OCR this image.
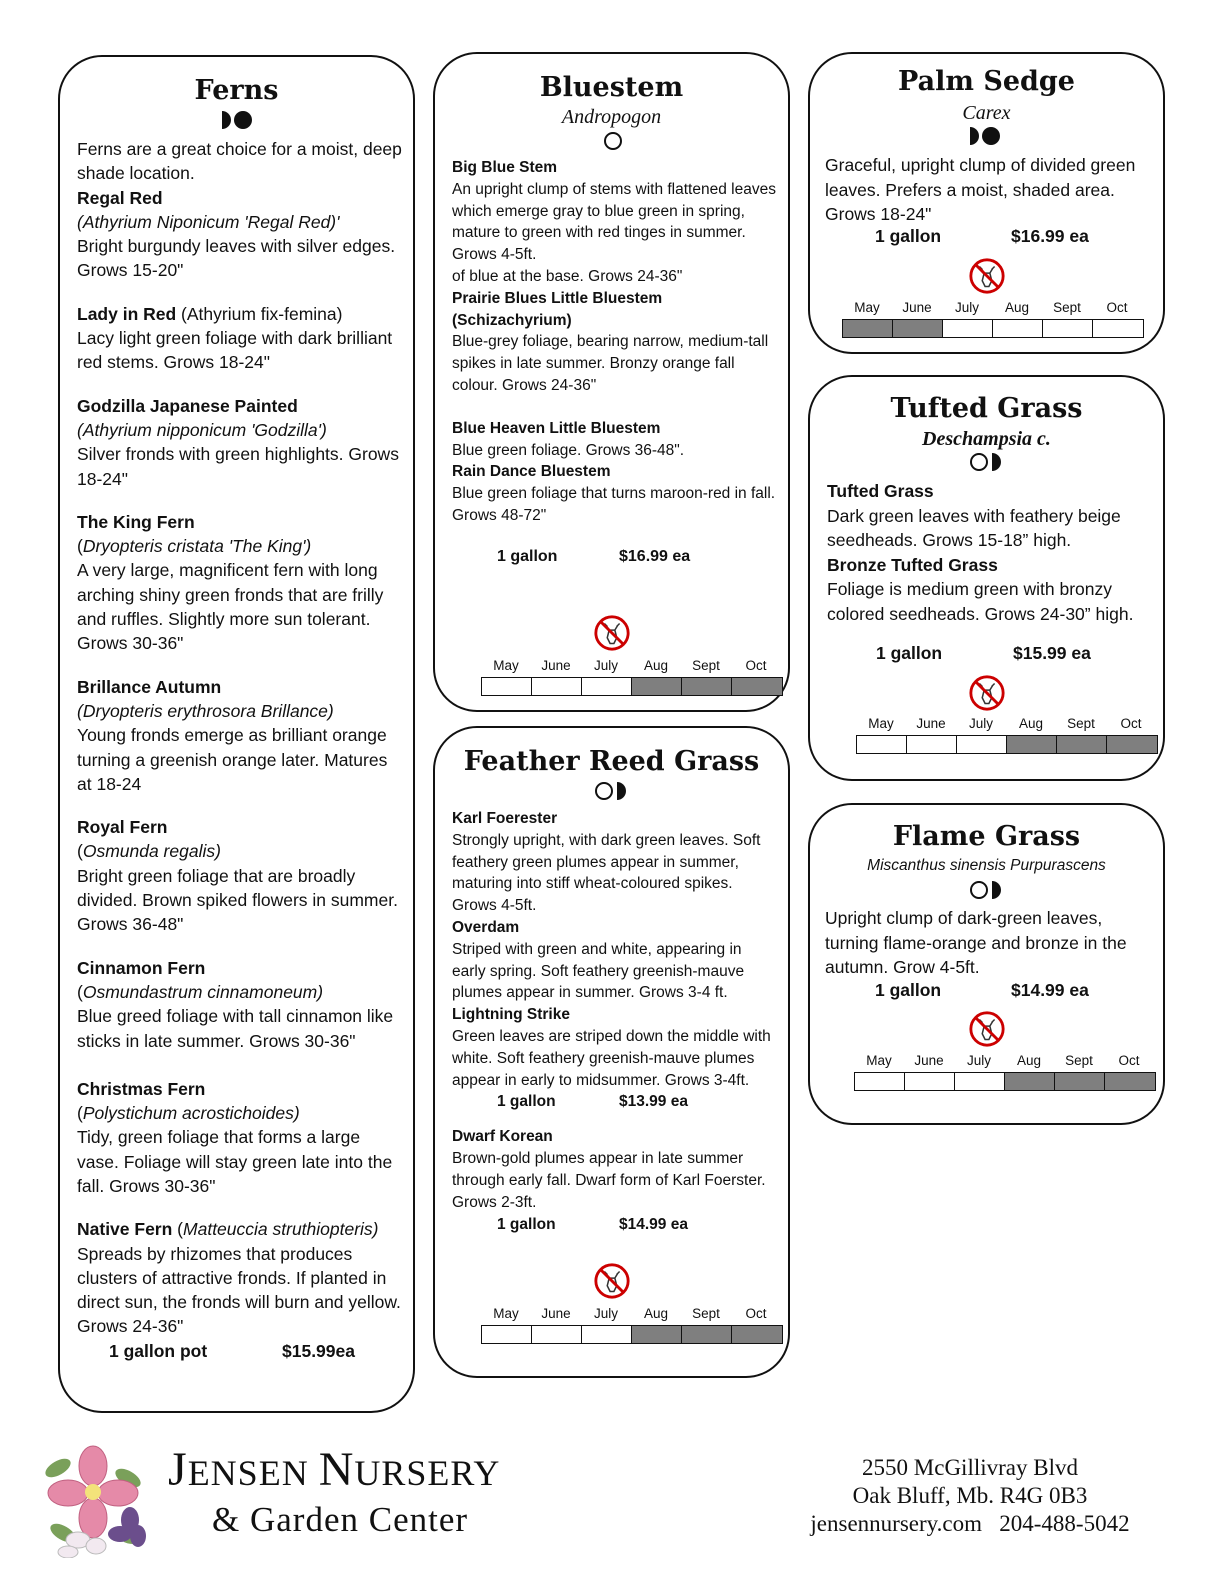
Ferns
Ferns are a great choice for a moist, deep shade location.
Regal Red
(Athyrium Niponicum 'Regal Red)'
Bright burgundy leaves with silver edges. Grows 15-20"
Lady in Red (Athyrium fix-femina)
Lacy light green foliage with dark brilliant red stems. Grows 18-24"
Godzilla Japanese Painted
(Athyrium nipponicum 'Godzilla')
Silver fronds with green highlights. Grows 18-24"
The King Fern
(Dryopteris cristata 'The King')
A very large, magnificent fern with long arching shiny green fronds that are frilly and ruffles. Slightly more sun tolerant. Grows 30-36"
Brillance Autumn
(Dryopteris erythrosora Brillance)
Young fronds emerge as brilliant orange turning a greenish orange later. Matures at 18-24
Royal Fern
(Osmunda regalis)
Bright green foliage that are broadly divided. Brown spiked flowers in summer. Grows 36-48"
Cinnamon Fern
(Osmundastrum cinnamoneum)
Blue greed foliage with tall cinnamon like sticks in late summer. Grows 30-36"
Christmas Fern
(Polystichum acrostichoides)
Tidy, green foliage that forms a large vase. Foliage will stay green late into the fall. Grows 30-36"
Native Fern (Matteuccia struthiopteris)
Spreads by rhizomes that produces clusters of attractive fronds. If planted in direct sun, the fronds will burn and yellow. Grows 24-36"
1 gallon pot	$15.99ea
Bluestem
Andropogon
Big Blue Stem
An upright clump of stems with flattened leaves which emerge gray to blue green in spring, mature to green with red tinges in summer. Grows 4-5ft.
of blue at the base. Grows 24-36"
Prairie Blues Little Bluestem (Schizachyrium)
Blue-grey foliage, bearing narrow, medium-tall spikes in late summer. Bronzy orange fall colour. Grows 24-36"
Blue Heaven Little Bluestem
Blue green foliage. Grows 36-48".
Rain Dance Bluestem
Blue green foliage that turns maroon-red in fall. Grows 48-72"
1 gallon	$16.99 ea
May	June	July	Aug	Sept	Oct
Feather Reed Grass
Karl Foerester
Strongly upright, with dark green leaves. Soft feathery green plumes appear in summer, maturing into stiff wheat-coloured spikes. Grows 4-5ft.
Overdam
Striped with green and white, appearing in early spring. Soft feathery greenish-mauve plumes appear in summer. Grows 3-4 ft.
Lightning Strike
Green leaves are striped down the middle with white. Soft feathery greenish-mauve plumes appear in early to midsummer. Grows 3-4ft.
1 gallon	$13.99 ea
Dwarf Korean
Brown-gold plumes appear in late summer through early fall. Dwarf form of Karl Foerster. Grows 2-3ft.
1 gallon	$14.99 ea
May	June	July	Aug	Sept	Oct
Palm Sedge
Carex
Graceful, upright clump of divided green leaves. Prefers a moist, shaded area. Grows 18-24"
1 gallon	$16.99 ea
May	June	July	Aug	Sept	Oct
Tufted Grass
Deschampsia c.
Tufted Grass
Dark green leaves with feathery beige seedheads. Grows 15-18” high.
Bronze Tufted Grass
Foliage is medium green with bronzy colored seedheads. Grows 24-30” high.
1 gallon	$15.99 ea
May	June	July	Aug	Sept	Oct
Flame Grass
Miscanthus sinensis Purpurascens
Upright clump of dark-green leaves, turning flame-orange and bronze in the autumn. Grow 4-5ft.
1 gallon	$14.99 ea
May	June	July	Aug	Sept	Oct
JENSEN NURSERY
& Garden Center
2550 McGillivray Blvd
Oak Bluff, Mb. R4G 0B3
jensennursery.com 204-488-5042
